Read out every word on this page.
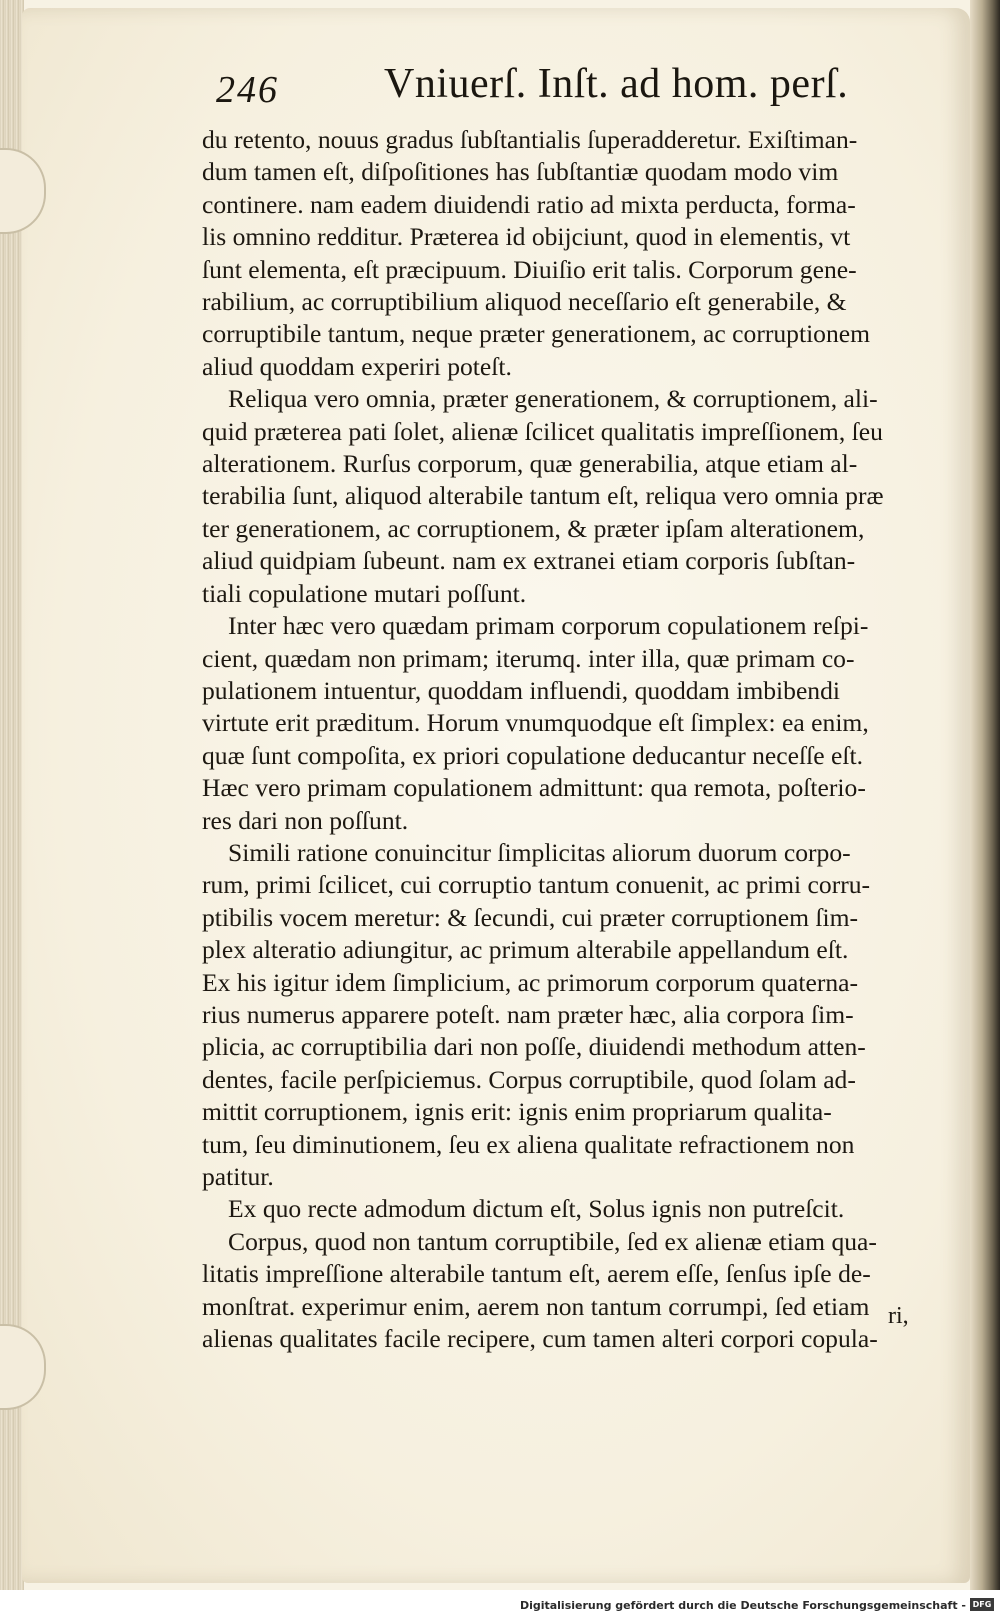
246	Vniuerſ. Inſt. ad hom. perſ.
du retento, nouus gradus ſubſtantialis ſuperadderetur. Exiſtiman-
dum tamen eſt, diſpoſitiones has ſubſtantiæ quodam modo vim
continere. nam eadem diuidendi ratio ad mixta perducta, forma-
lis omnino redditur. Præterea id obijciunt, quod in elementis, vt
ſunt elementa, eſt præcipuum. Diuiſio erit talis. Corporum gene-
rabilium, ac corruptibilium aliquod neceſſario eſt generabile, &
corruptibile tantum, neque præter generationem, ac corruptionem
aliud quoddam experiri poteſt.
Reliqua vero omnia, præter generationem, & corruptionem, ali-
quid præterea pati ſolet, alienæ ſcilicet qualitatis impreſſionem, ſeu
alterationem. Rurſus corporum, quæ generabilia, atque etiam al-
terabilia ſunt, aliquod alterabile tantum eſt, reliqua vero omnia præ
ter generationem, ac corruptionem, & præter ipſam alterationem,
aliud quidpiam ſubeunt. nam ex extranei etiam corporis ſubſtan-
tiali copulatione mutari poſſunt.
Inter hæc vero quædam primam corporum copulationem reſpi-
cient, quædam non primam; iterumq. inter illa, quæ primam co-
pulationem intuentur, quoddam influendi, quoddam imbibendi
virtute erit præditum. Horum vnumquodque eſt ſimplex: ea enim,
quæ ſunt compoſita, ex priori copulatione deducantur neceſſe eſt.
Hæc vero primam copulationem admittunt: qua remota, poſterio-
res dari non poſſunt.
Simili ratione conuincitur ſimplicitas aliorum duorum corpo-
rum, primi ſcilicet, cui corruptio tantum conuenit, ac primi corru-
ptibilis vocem meretur: & ſecundi, cui præter corruptionem ſim-
plex alteratio adiungitur, ac primum alterabile appellandum eſt.
Ex his igitur idem ſimplicium, ac primorum corporum quaterna-
rius numerus apparere poteſt. nam præter hæc, alia corpora ſim-
plicia, ac corruptibilia dari non poſſe, diuidendi methodum atten-
dentes, facile perſpiciemus. Corpus corruptibile, quod ſolam ad-
mittit corruptionem, ignis erit: ignis enim propriarum qualita-
tum, ſeu diminutionem, ſeu ex aliena qualitate refractionem non
patitur.
Ex quo recte admodum dictum eſt, Solus ignis non putreſcit.
Corpus, quod non tantum corruptibile, ſed ex alienæ etiam qua-
litatis impreſſione alterabile tantum eſt, aerem eſſe, ſenſus ipſe de-
monſtrat. experimur enim, aerem non tantum corrumpi, ſed etiam
alienas qualitates facile recipere, cum tamen alteri corpori copula-
ri,
Digitalisierung gefördert durch die Deutsche Forschungsgemeinschaft - DFG
